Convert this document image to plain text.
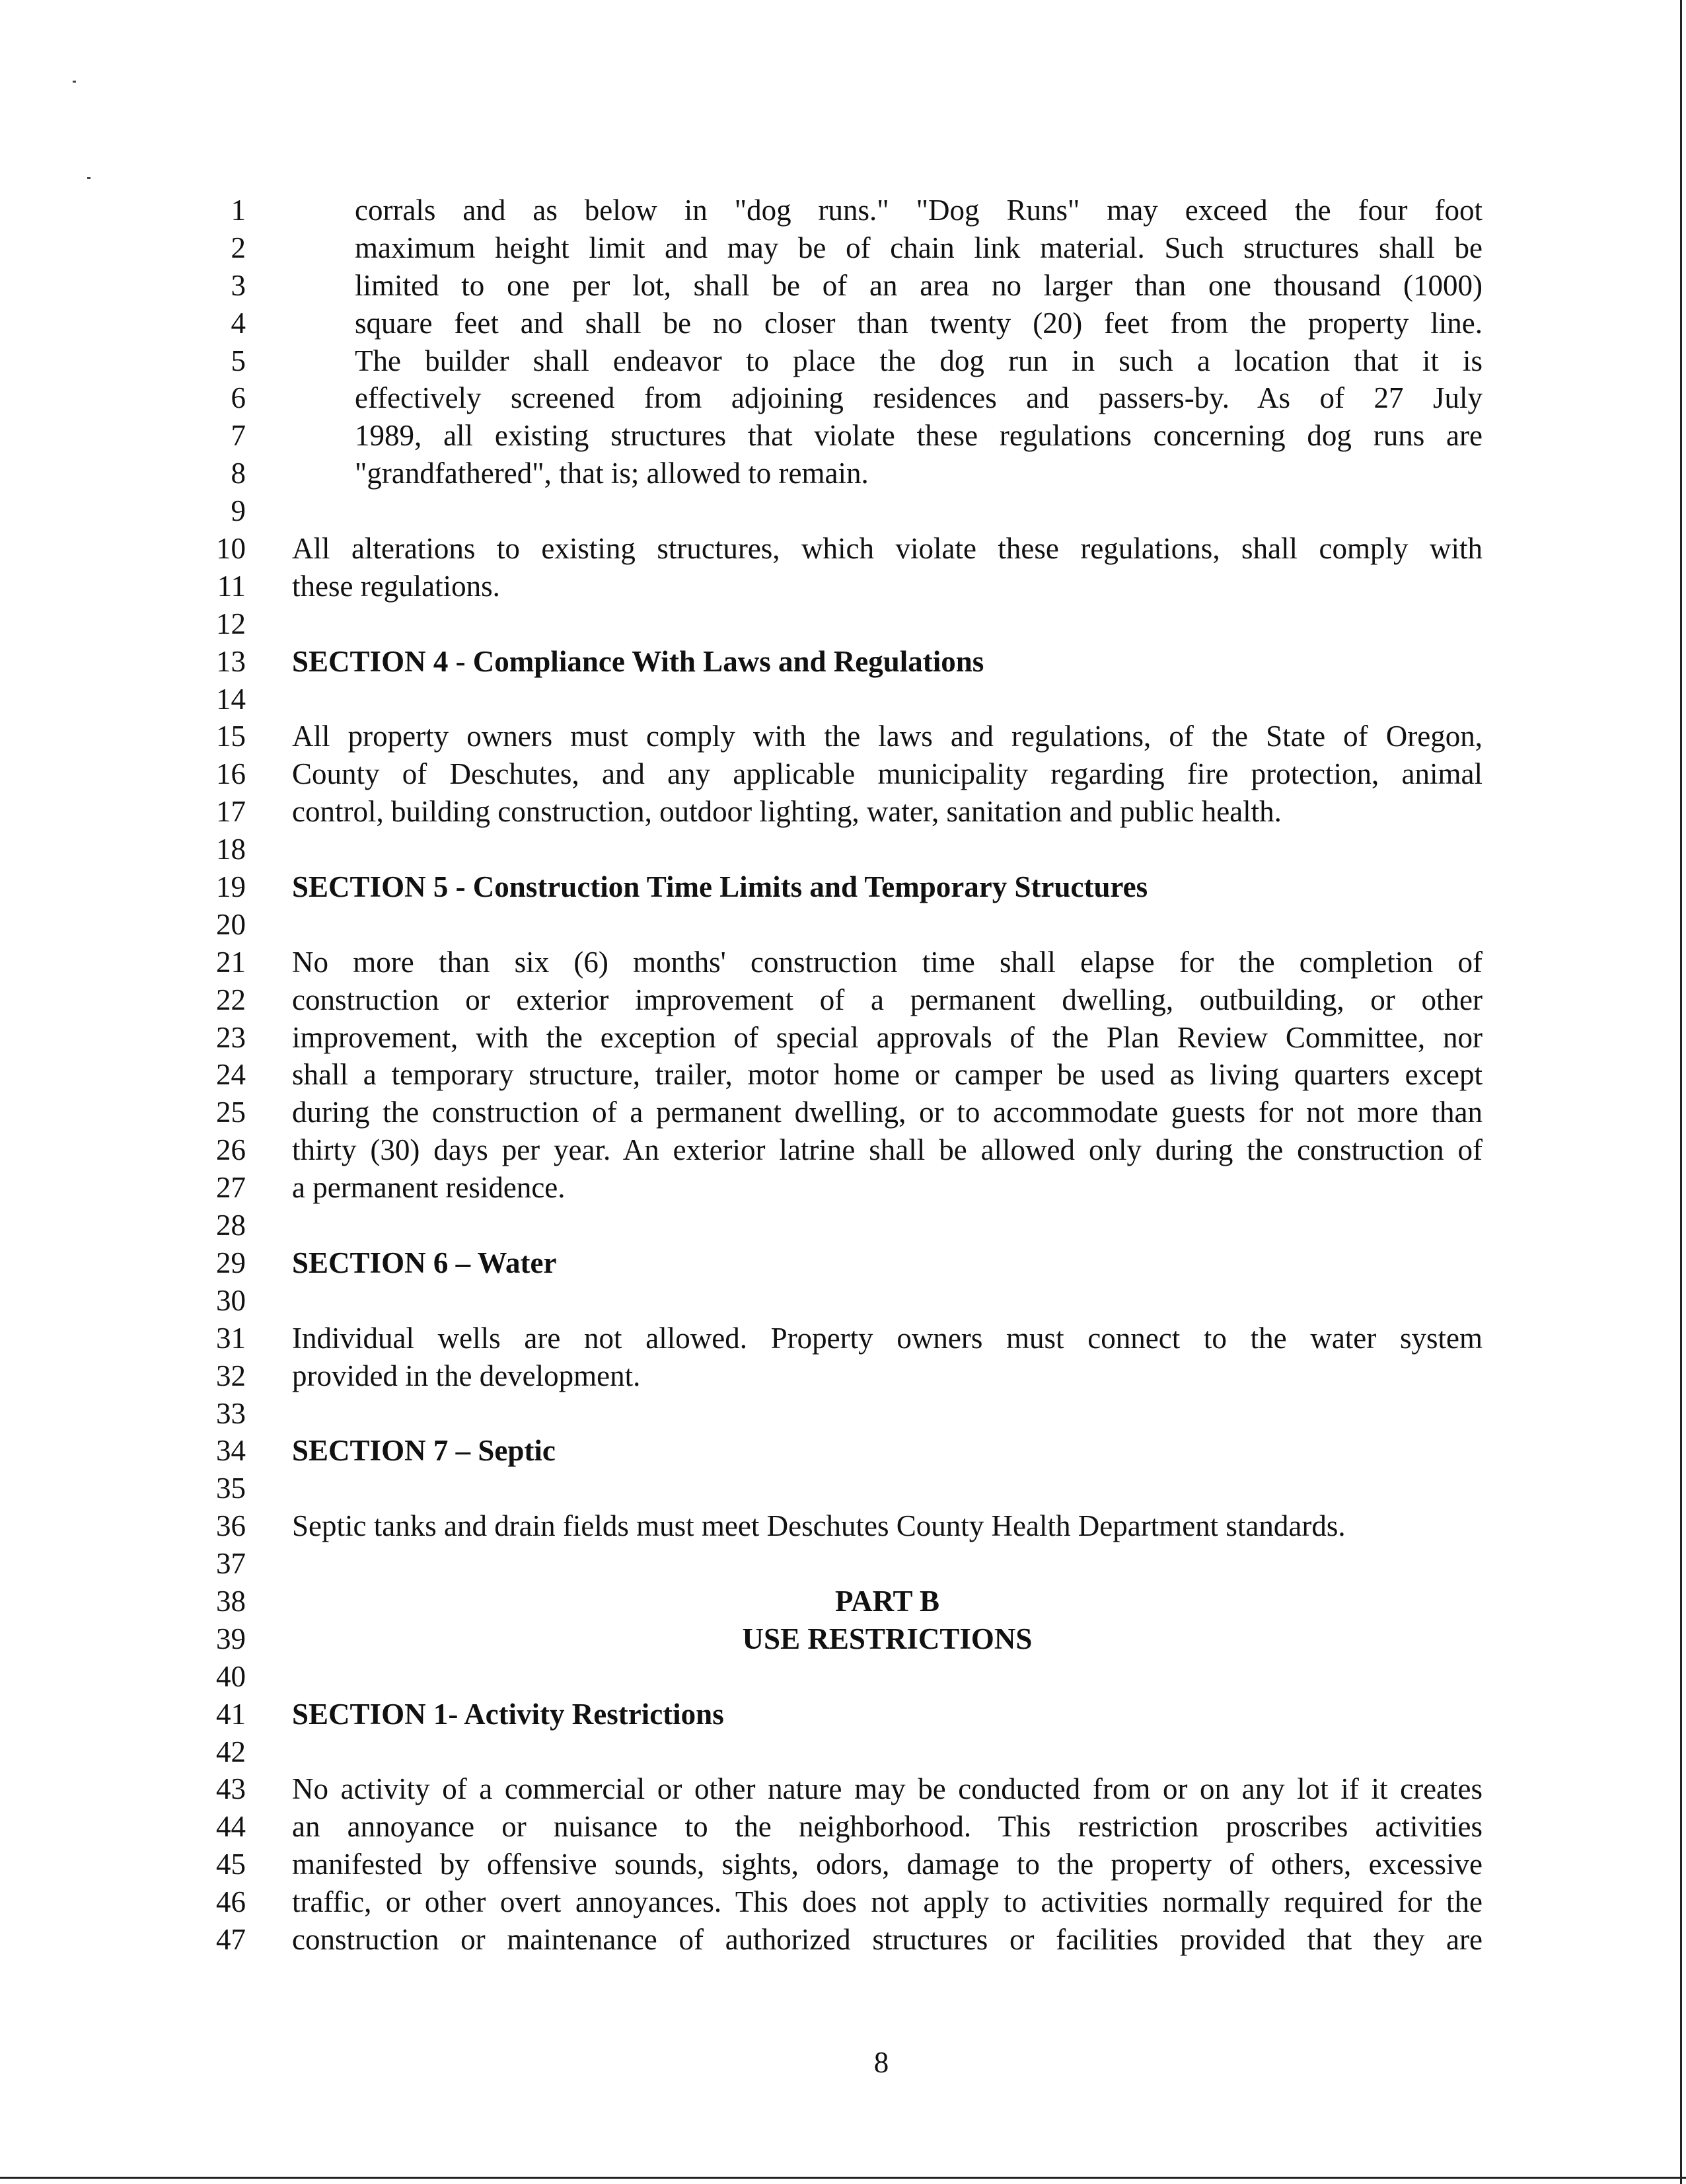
1	corrals and as below in "dog runs." "Dog Runs" may exceed the four foot
2	maximum height limit and may be of chain link material. Such structures shall be
3	limited to one per lot, shall be of an area no larger than one thousand (1000)
4	square feet and shall be no closer than twenty (20) feet from the property line.
5	The builder shall endeavor to place the dog run in such a location that it is
6	effectively screened from adjoining residences and passers-by. As of 27 July
7	1989, all existing structures that violate these regulations concerning dog runs are
8	"grandfathered", that is; allowed to remain.
9
10 All alterations to existing structures, which violate these regulations, shall comply with
11 these regulations.
12
13 SECTION 4 - Compliance With Laws and Regulations
14
15 All property owners must comply with the laws and regulations, of the State of Oregon,
16 County of Deschutes, and any applicable municipality regarding fire protection, animal
17 control, building construction, outdoor lighting, water, sanitation and public health.
18
19 SECTION 5 - Construction Time Limits and Temporary Structures
20
21 No more than six (6) months' construction time shall elapse for the completion of
22 construction or exterior improvement of a permanent dwelling, outbuilding, or other
23 improvement, with the exception of special approvals of the Plan Review Committee, nor
24 shall a temporary structure, trailer, motor home or camper be used as living quarters except
25 during the construction of a permanent dwelling, or to accommodate guests for not more than
26 thirty (30) days per year. An exterior latrine shall be allowed only during the construction of
27 a permanent residence.
28
29 SECTION 6 – Water
30
31 Individual wells are not allowed. Property owners must connect to the water system
32 provided in the development.
33
34 SECTION 7 – Septic
35
36 Septic tanks and drain fields must meet Deschutes County Health Department standards.
37
38	PART B
39	USE RESTRICTIONS
40
41 SECTION 1- Activity Restrictions
42
43 No activity of a commercial or other nature may be conducted from or on any lot if it creates
44 an annoyance or nuisance to the neighborhood. This restriction proscribes activities
45 manifested by offensive sounds, sights, odors, damage to the property of others, excessive
46 traffic, or other overt annoyances. This does not apply to activities normally required for the
47 construction or maintenance of authorized structures or facilities provided that they are
8
